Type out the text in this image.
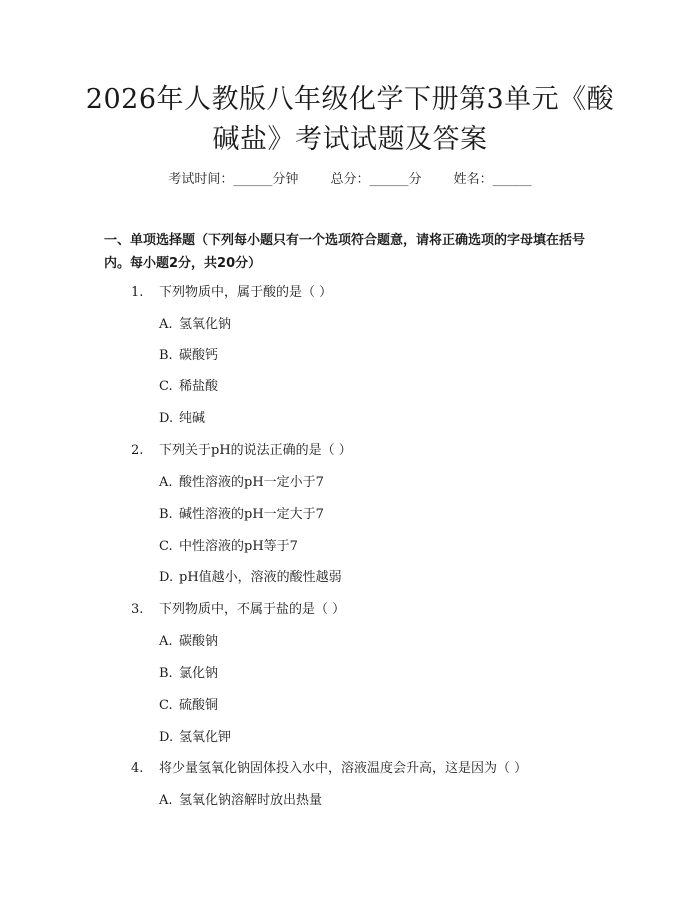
2026年人教版八年级化学下册第3单元《酸
碱盐》考试试题及答案
考试时间：______分钟 总分：______分 姓名：______
一、单项选择题（下列每小题只有一个选项符合题意，请将正确选项的字母填在括号内。每小题2分，共20分）
1. 下列物质中，属于酸的是（ ）
A. 氢氧化钠
B. 碳酸钙
C. 稀盐酸
D. 纯碱
2. 下列关于pH的说法正确的是（ ）
A. 酸性溶液的pH一定小于7
B. 碱性溶液的pH一定大于7
C. 中性溶液的pH等于7
D. pH值越小，溶液的酸性越弱
3. 下列物质中，不属于盐的是（ ）
A. 碳酸钠
B. 氯化钠
C. 硫酸铜
D. 氢氧化钾
4. 将少量氢氧化钠固体投入水中，溶液温度会升高，这是因为（ ）
A. 氢氧化钠溶解时放出热量
